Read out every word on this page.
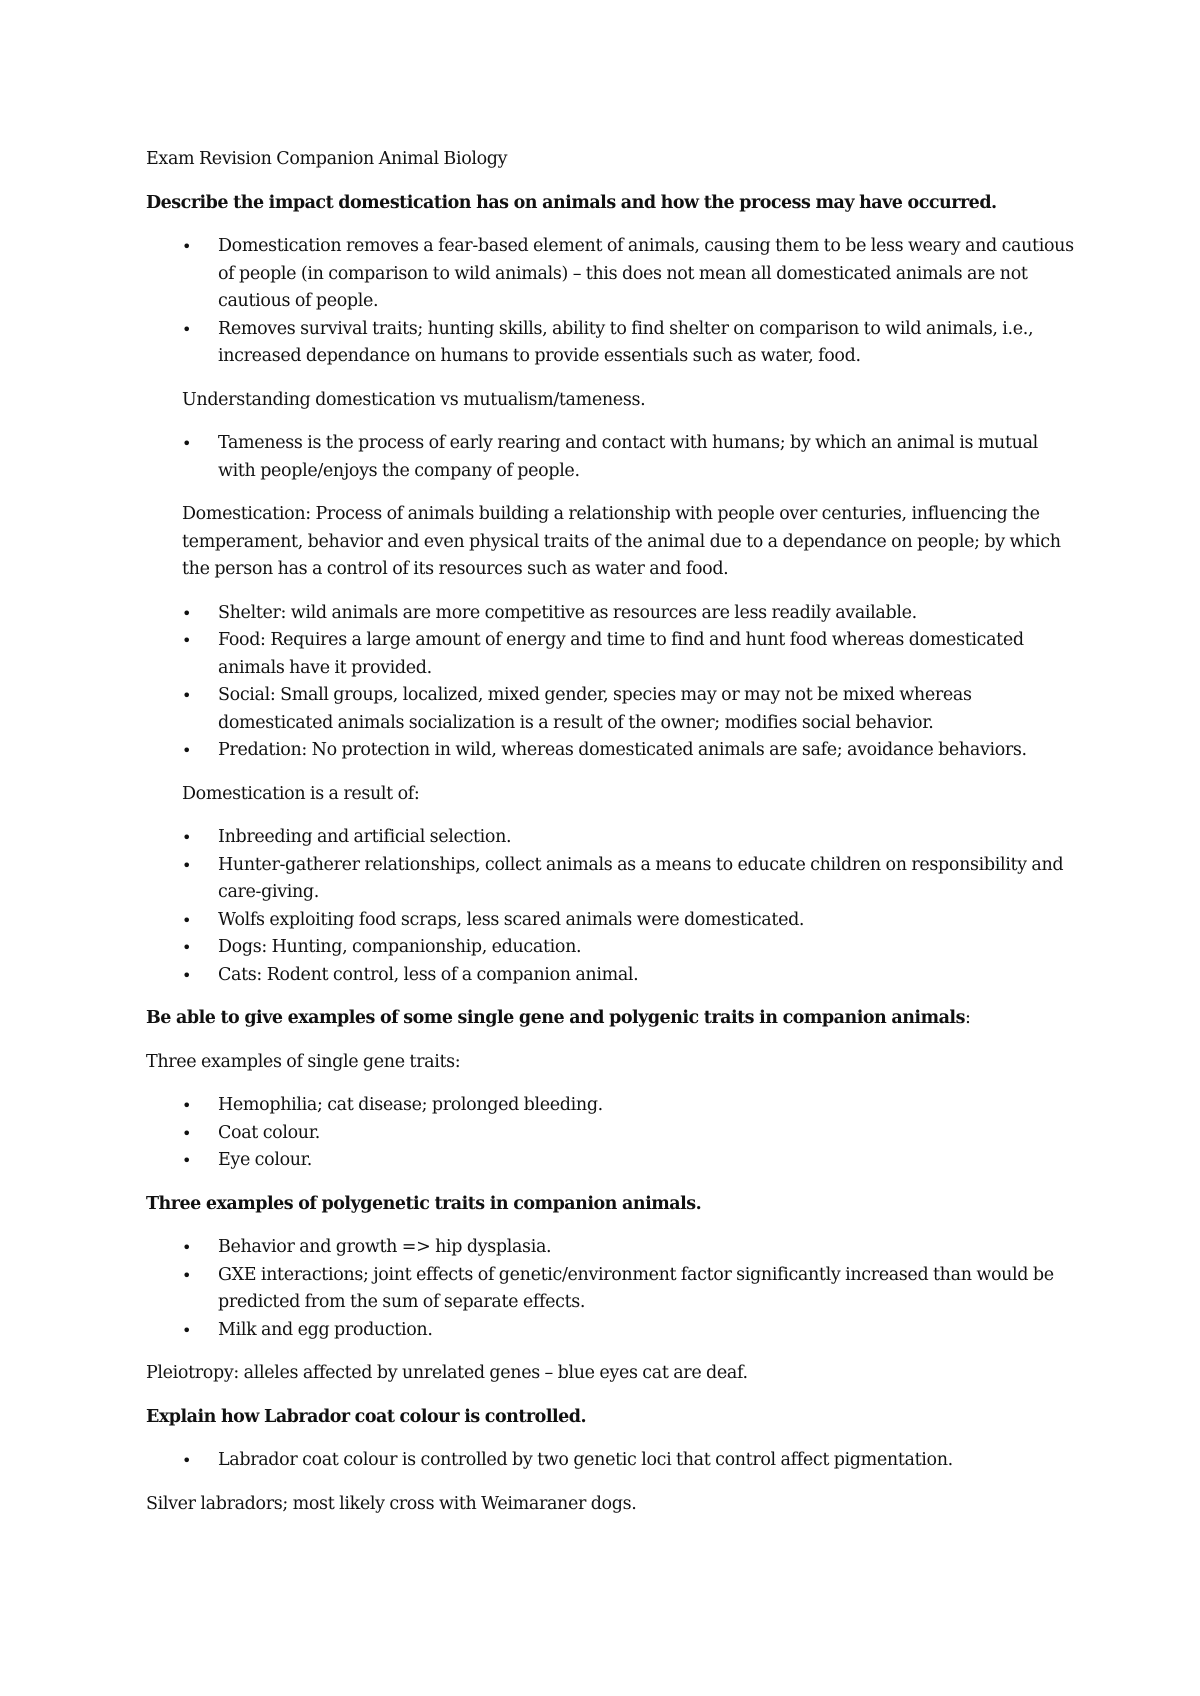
Exam Revision Companion Animal Biology

Describe the impact domestication has on animals and how the process may have occurred.

•	Domestication removes a fear-based element of animals, causing them to be less weary and cautious of people (in comparison to wild animals) – this does not mean all domesticated animals are not cautious of people.
•	Removes survival traits; hunting skills, ability to find shelter on comparison to wild animals, i.e., increased dependance on humans to provide essentials such as water, food.

Understanding domestication vs mutualism/tameness.

•	Tameness is the process of early rearing and contact with humans; by which an animal is mutual with people/enjoys the company of people.

Domestication: Process of animals building a relationship with people over centuries, influencing the temperament, behavior and even physical traits of the animal due to a dependance on people; by which the person has a control of its resources such as water and food.

•	Shelter: wild animals are more competitive as resources are less readily available.
•	Food: Requires a large amount of energy and time to find and hunt food whereas domesticated animals have it provided.
•	Social: Small groups, localized, mixed gender, species may or may not be mixed whereas domesticated animals socialization is a result of the owner; modifies social behavior.
•	Predation: No protection in wild, whereas domesticated animals are safe; avoidance behaviors.

Domestication is a result of:

•	Inbreeding and artificial selection.
•	Hunter-gatherer relationships, collect animals as a means to educate children on responsibility and care-giving.
•	Wolfs exploiting food scraps, less scared animals were domesticated.
•	Dogs: Hunting, companionship, education.
•	Cats: Rodent control, less of a companion animal.

Be able to give examples of some single gene and polygenic traits in companion animals:

Three examples of single gene traits:

•	Hemophilia; cat disease; prolonged bleeding.
•	Coat colour.
•	Eye colour.

Three examples of polygenetic traits in companion animals.

•	Behavior and growth => hip dysplasia.
•	GXE interactions; joint effects of genetic/environment factor significantly increased than would be predicted from the sum of separate effects.
•	Milk and egg production.

Pleiotropy: alleles affected by unrelated genes – blue eyes cat are deaf.

Explain how Labrador coat colour is controlled.

•	Labrador coat colour is controlled by two genetic loci that control affect pigmentation.

Silver labradors; most likely cross with Weimaraner dogs.
